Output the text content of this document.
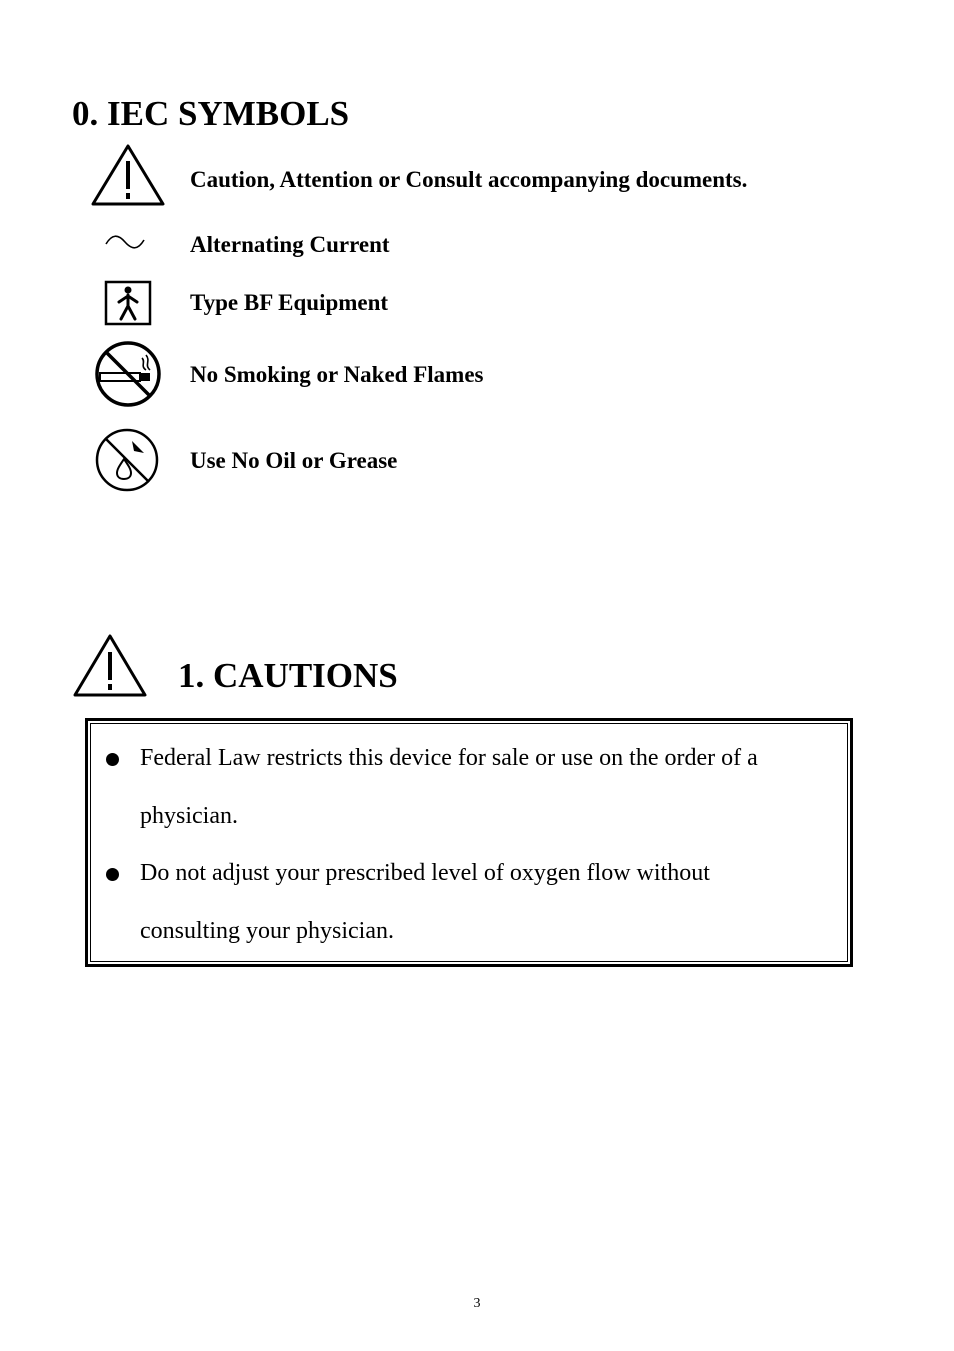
0. IEC SYMBOLS
Caution, Attention or Consult accompanying documents.
Alternating Current
Type BF Equipment
No Smoking or Naked Flames
Use No Oil or Grease
1. CAUTIONS
Federal Law restricts this device for sale or use on the order of a
physician.
Do not adjust your prescribed level of oxygen flow without
consulting your physician.
3
